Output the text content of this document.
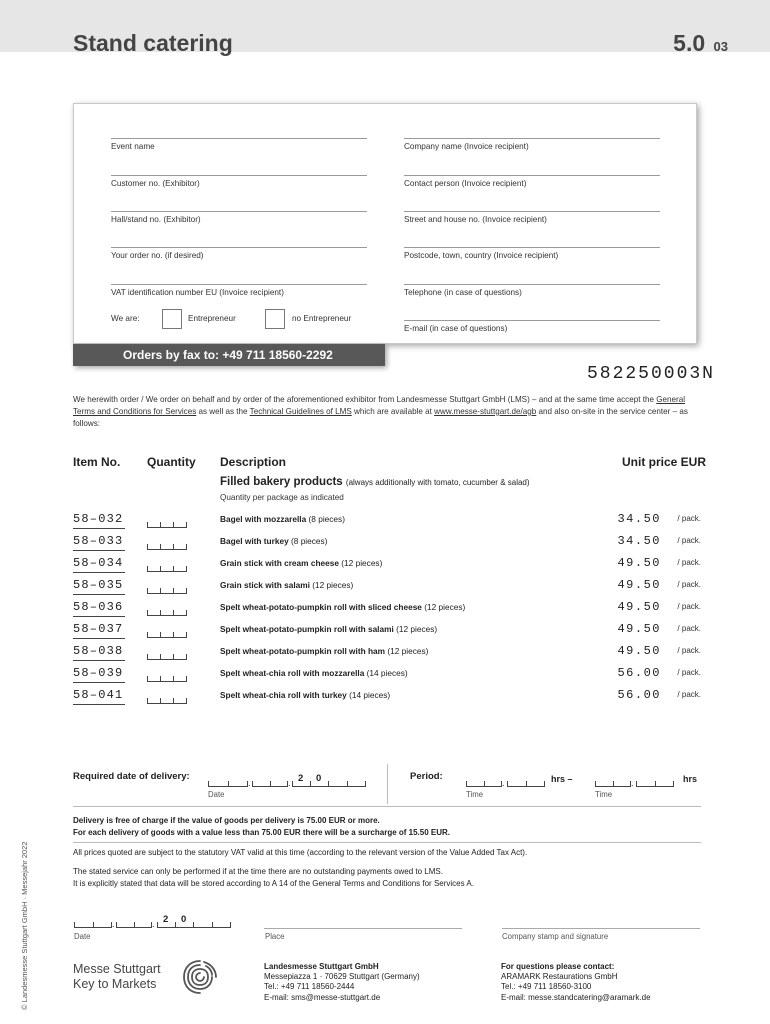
Stand catering	5.0 03
Event name	Company name (Invoice recipient)
Customer no. (Exhibitor)	Contact person (Invoice recipient)
Hall/stand no. (Exhibitor)	Street and house no. (Invoice recipient)
Your order no. (if desired)	Postcode, town, country (Invoice recipient)
VAT identification number EU (Invoice recipient)	Telephone (in case of questions)
We are:	Entrepreneur	no Entrepreneur
E-mail (in case of questions)
Orders by fax to: +49 711 18560-2292
582250003N
We herewith order / We order on behalf and by order of the aforementioned exhibitor from Landesmesse Stuttgart GmbH (LMS) – and at the same time accept the General Terms and Conditions for Services as well as the Technical Guidelines of LMS which are available at www.messe-stuttgart.de/agb and also on-site in the service center – as follows:
Item No. Quantity Description	Unit price EUR
Filled bakery products (always additionally with tomato, cucumber & salad)
Quantity per package as indicated
58–032	Bagel with mozzarella (8 pieces)	34.50 / pack.
58–033	Bagel with turkey (8 pieces)	34.50 / pack.
58–034	Grain stick with cream cheese (12 pieces)	49.50 / pack.
58–035	Grain stick with salami (12 pieces)	49.50 / pack.
58–036	Spelt wheat-potato-pumpkin roll with sliced cheese (12 pieces)	49.50 / pack.
58–037	Spelt wheat-potato-pumpkin roll with salami (12 pieces)	49.50 / pack.
58–038	Spelt wheat-potato-pumpkin roll with ham (12 pieces)	49.50 / pack.
58–039	Spelt wheat-chia roll with mozzarella (14 pieces)	56.00 / pack.
58–041	Spelt wheat-chia roll with turkey (14 pieces)	56.00 / pack.
Required date of delivery:
.	. 2 0
Date
Period:
.	hrs –	.	hrs
Time	Time
Delivery is free of charge if the value of goods per delivery is 75.00 EUR or more.
For each delivery of goods with a value less than 75.00 EUR there will be a surcharge of 15.50 EUR.
All prices quoted are subject to the statutory VAT valid at this time (according to the relevant version of the Value Added Tax Act).
The stated service can only be performed if at the time there are no outstanding payments owed to LMS.
It is explicitly stated that data will be stored according to A 14 of the General Terms and Conditions for Services A.
.	. 2 0
Date	Place	Company stamp and signature
© Landesmesse Stuttgart GmbH · Messejahr 2022	Messe Stuttgart
Key to Markets
Landesmesse Stuttgart GmbH
Messepiazza 1 · 70629 Stuttgart (Germany)
Tel.: +49 711 18560-2444
E-mail: sms@messe-stuttgart.de
For questions please contact:
ARAMARK Restaurations GmbH
Tel.: +49 711 18560-3100
E-mail: messe.standcatering@aramark.de
